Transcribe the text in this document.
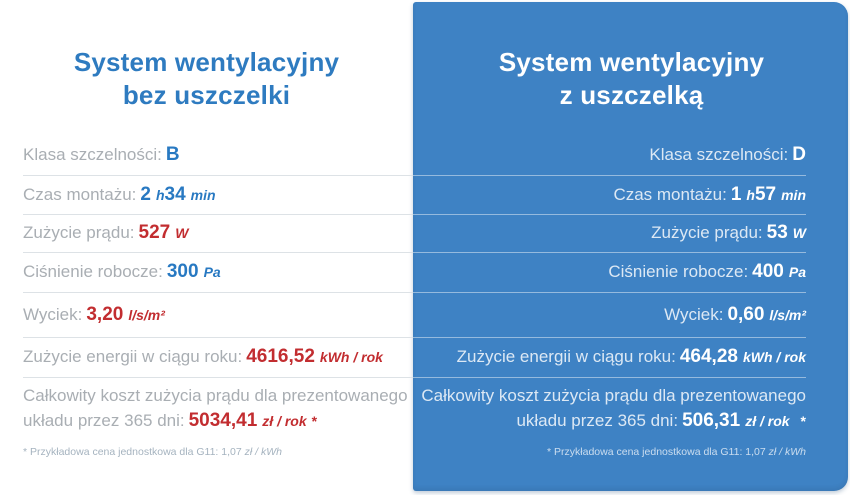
System wentylacyjny
bez uszczelki
Klasa szczelności: B
Czas montażu: 2 h34 min
Zużycie prądu: 527 W
Ciśnienie robocze: 300 Pa
Wyciek: 3,20 l/s/m²
Zużycie energii w ciągu roku: 4616,52 kWh / rok
Całkowity koszt zużycia prądu dla prezentowanego
układu przez 365 dni: 5034,41 zł / rok *
* Przykładowa cena jednostkowa dla G11: 1,07 zł / kWh
System wentylacyjny
z uszczelką
Klasa szczelności: D
Czas montażu: 1 h57 min
Zużycie prądu: 53 W
Ciśnienie robocze: 400 Pa
Wyciek: 0,60 l/s/m²
Zużycie energii w ciągu roku: 464,28 kWh / rok
Całkowity koszt zużycia prądu dla prezentowanego
układu przez 365 dni: 506,31 zł / rok *
* Przykładowa cena jednostkowa dla G11: 1,07 zł / kWh
